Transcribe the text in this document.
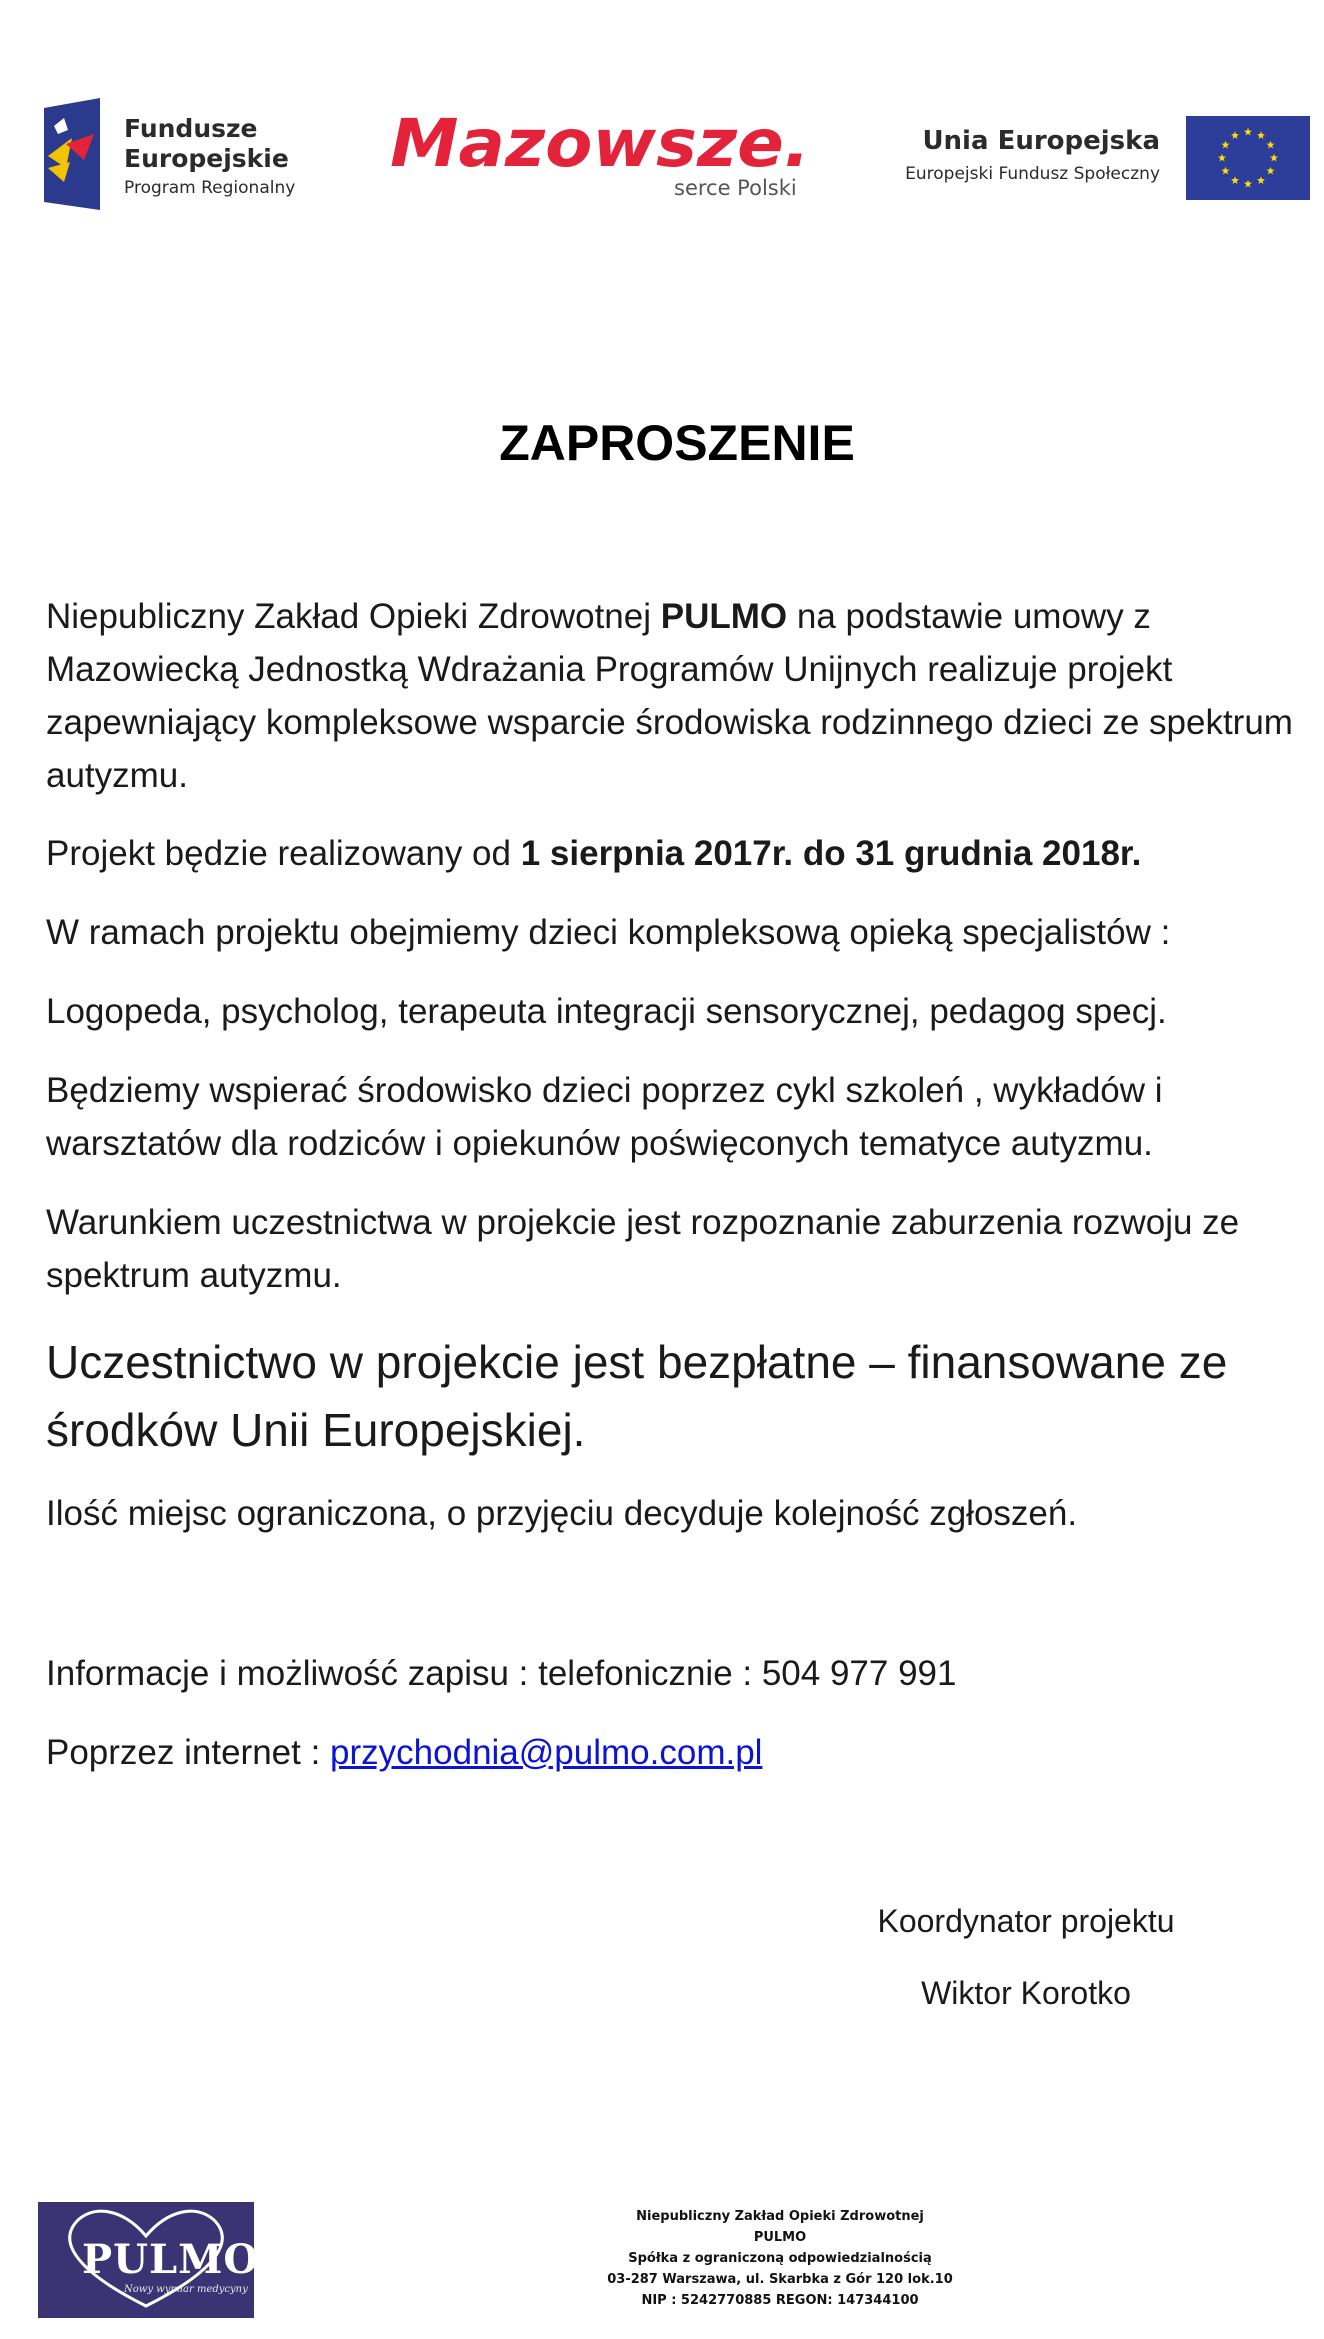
Fundusze
Europejskie
Program Regionalny
Mazowsze.
serce Polski
Unia Europejska
Europejski Fundusz Społeczny
ZAPROSZENIE

Niepubliczny Zakład Opieki Zdrowotnej PULMO na podstawie umowy z Mazowiecką Jednostką Wdrażania Programów Unijnych realizuje projekt zapewniający kompleksowe wsparcie środowiska rodzinnego dzieci ze spektrum autyzmu.

Projekt będzie realizowany od 1 sierpnia 2017r. do 31 grudnia 2018r.

W ramach projektu obejmiemy dzieci kompleksową opieką specjalistów :

Logopeda, psycholog, terapeuta integracji sensorycznej, pedagog specj.

Będziemy wspierać środowisko dzieci poprzez cykl szkoleń , wykładów i warsztatów dla rodziców i opiekunów poświęconych tematyce autyzmu.

Warunkiem uczestnictwa w projekcie jest rozpoznanie zaburzenia rozwoju ze spektrum autyzmu.

Uczestnictwo w projekcie jest bezpłatne – finansowane ze środków Unii Europejskiej.

Ilość miejsc ograniczona, o przyjęciu decyduje kolejność zgłoszeń.

Informacje i możliwość zapisu : telefonicznie : 504 977 991

Poprzez internet : przychodnia@pulmo.com.pl

Koordynator projektu
Wiktor Korotko
PULMO
Nowy wymiar medycyny
Niepubliczny Zakład Opieki Zdrowotnej
PULMO
Spółka z ograniczoną odpowiedzialnością
03-287 Warszawa, ul. Skarbka z Gór 120 lok.10
NIP : 5242770885 REGON: 147344100
